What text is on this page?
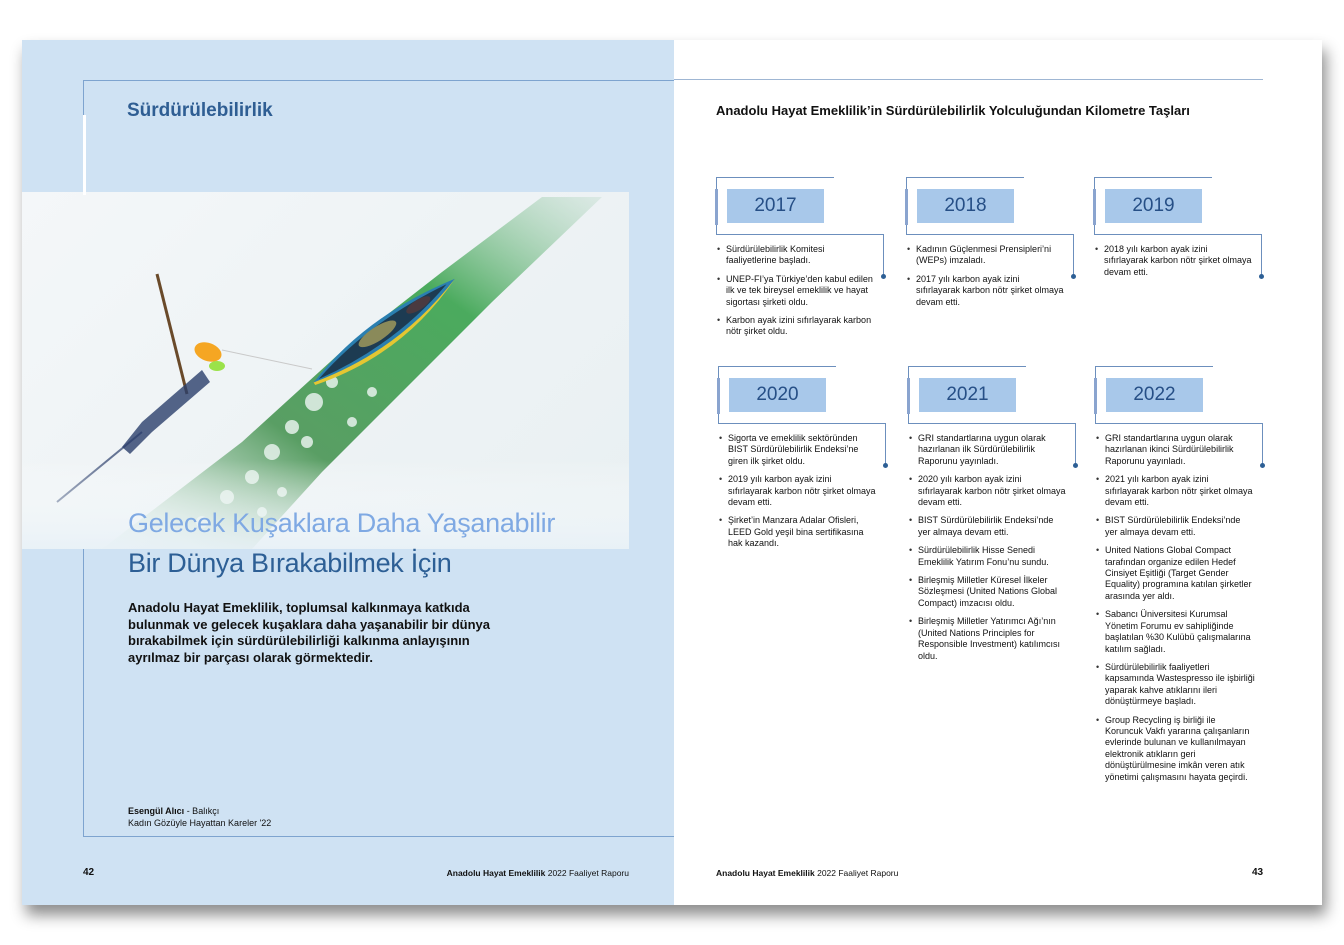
Sürdürülebilirlik
Gelecek Kuşaklara Daha Yaşanabilir
Bir Dünya Bırakabilmek İçin
Anadolu Hayat Emeklilik, toplumsal kalkınmaya katkıda bulunmak ve gelecek kuşaklara daha yaşanabilir bir dünya bırakabilmek için sürdürülebilirliği kalkınma anlayışının ayrılmaz bir parçası olarak görmektedir.
Esengül Alıcı - Balıkçı
Kadın Gözüyle Hayattan Kareler '22
42	Anadolu Hayat Emeklilik 2022 Faaliyet Raporu
Anadolu Hayat Emeklilik’in Sürdürülebilirlik Yolculuğundan Kilometre Taşları
2017
• Sürdürülebilirlik Komitesi faaliyetlerine başladı.
• UNEP-FI’ya Türkiye’den kabul edilen ilk ve tek bireysel emeklilik ve hayat sigortası şirketi oldu.
• Karbon ayak izini sıfırlayarak karbon nötr şirket oldu.
2018
• Kadının Güçlenmesi Prensipleri’ni (WEPs) imzaladı.
• 2017 yılı karbon ayak izini sıfırlayarak karbon nötr şirket olmaya devam etti.
2019
• 2018 yılı karbon ayak izini sıfırlayarak karbon nötr şirket olmaya devam etti.
2020
• Sigorta ve emeklilik sektöründen BIST Sürdürülebilirlik Endeksi’ne giren ilk şirket oldu.
• 2019 yılı karbon ayak izini sıfırlayarak karbon nötr şirket olmaya devam etti.
• Şirket’in Manzara Adalar Ofisleri, LEED Gold yeşil bina sertifikasına hak kazandı.
2021
• GRI standartlarına uygun olarak hazırlanan ilk Sürdürülebilirlik Raporunu yayınladı.
• 2020 yılı karbon ayak izini sıfırlayarak karbon nötr şirket olmaya devam etti.
• BIST Sürdürülebilirlik Endeksi’nde yer almaya devam etti.
• Sürdürülebilirlik Hisse Senedi Emeklilik Yatırım Fonu’nu sundu.
• Birleşmiş Milletler Küresel İlkeler Sözleşmesi (United Nations Global Compact) imzacısı oldu.
• Birleşmiş Milletler Yatırımcı Ağı’nın (United Nations Principles for Responsible Investment) katılımcısı oldu.
2022
• GRI standartlarına uygun olarak hazırlanan ikinci Sürdürülebilirlik Raporunu yayınladı.
• 2021 yılı karbon ayak izini sıfırlayarak karbon nötr şirket olmaya devam etti.
• BIST Sürdürülebilirlik Endeksi’nde yer almaya devam etti.
• United Nations Global Compact tarafından organize edilen Hedef Cinsiyet Eşitliği (Target Gender Equality) programına katılan şirketler arasında yer aldı.
• Sabancı Üniversitesi Kurumsal Yönetim Forumu ev sahipliğinde başlatılan %30 Kulübü çalışmalarına katılım sağladı.
• Sürdürülebilirlik faaliyetleri kapsamında Wastespresso ile işbirliği yaparak kahve atıklarını ileri dönüştürmeye başladı.
• Group Recycling iş birliği ile Koruncuk Vakfı yararına çalışanların evlerinde bulunan ve kullanılmayan elektronik atıkların geri dönüştürülmesine imkân veren atık yönetimi çalışmasını hayata geçirdi.
Anadolu Hayat Emeklilik 2022 Faaliyet Raporu	43
